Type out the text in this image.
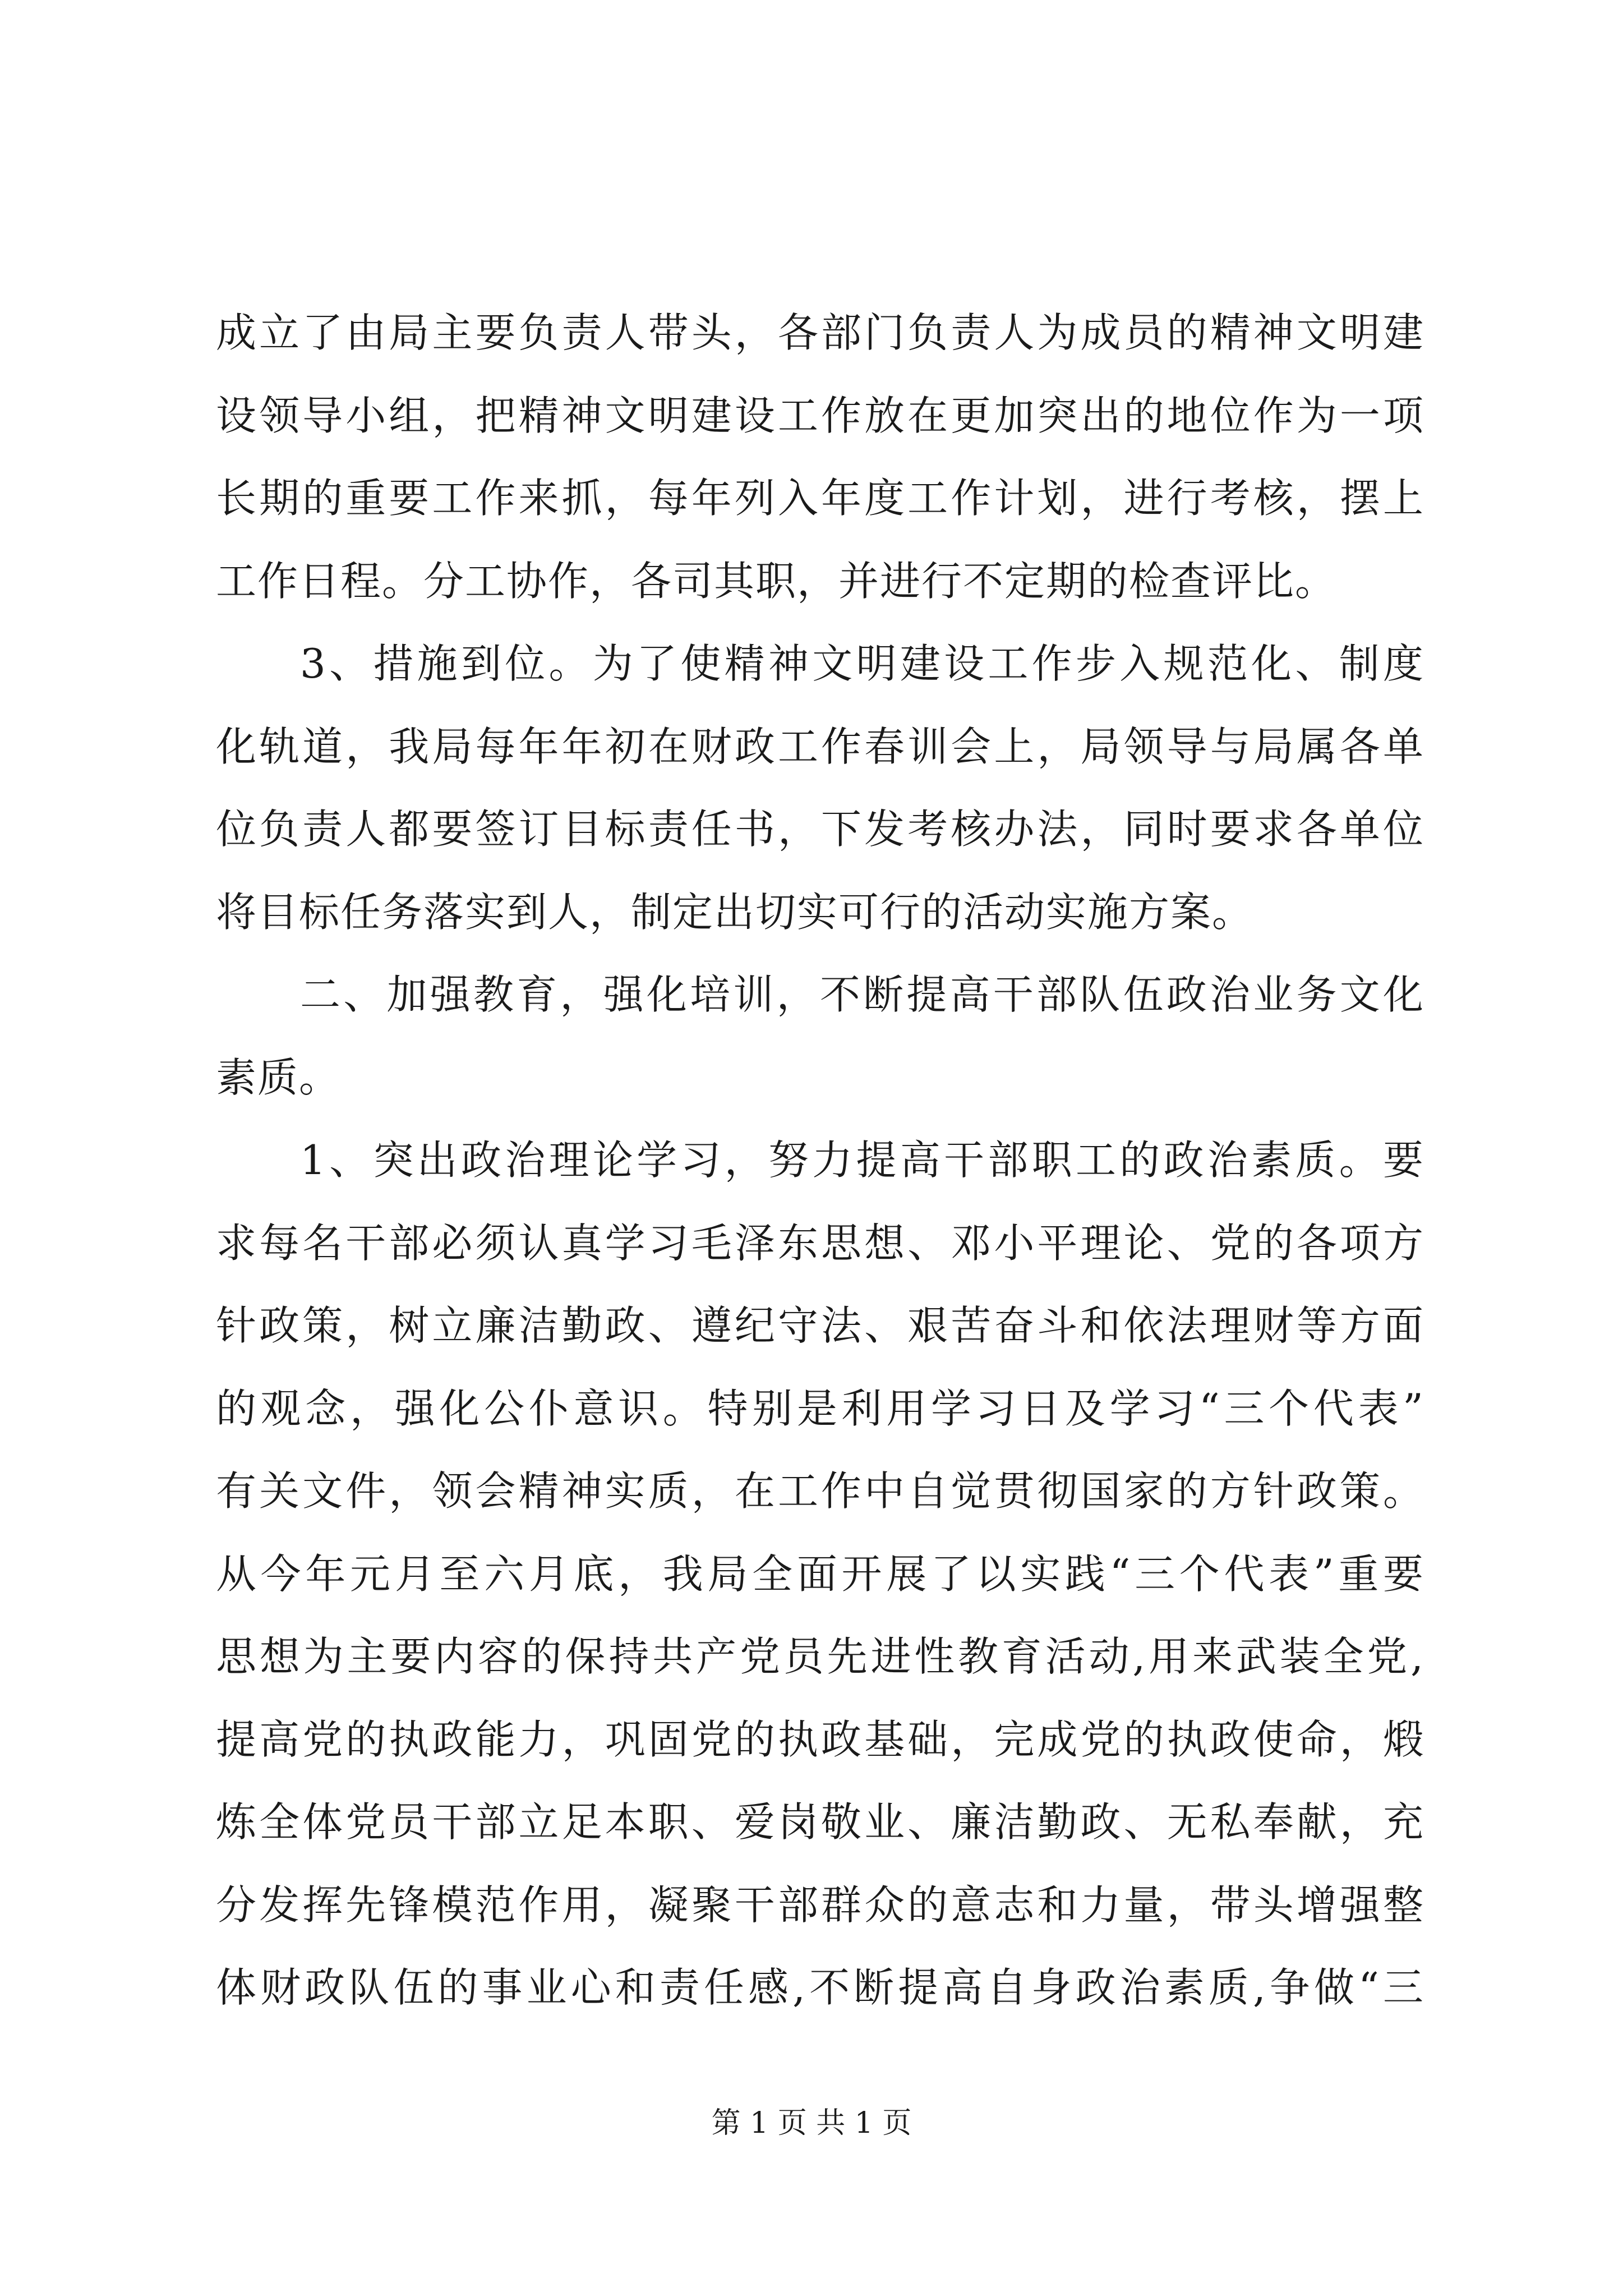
成立了由局主要负责人带头，各部门负责人为成员的精神文明建
设领导小组，把精神文明建设工作放在更加突出的地位作为一项
长期的重要工作来抓，每年列入年度工作计划，进行考核，摆上
工作日程。分工协作，各司其职，并进行不定期的检查评比。
3、措施到位。为了使精神文明建设工作步入规范化、制度
化轨道，我局每年年初在财政工作春训会上，局领导与局属各单
位负责人都要签订目标责任书，下发考核办法，同时要求各单位
将目标任务落实到人，制定出切实可行的活动实施方案。
二、加强教育，强化培训，不断提高干部队伍政治业务文化
素质。
1、突出政治理论学习，努力提高干部职工的政治素质。要
求每名干部必须认真学习毛泽东思想、邓小平理论、党的各项方
针政策，树立廉洁勤政、遵纪守法、艰苦奋斗和依法理财等方面
的观念，强化公仆意识。特别是利用学习日及学习“三个代表”
有关文件，领会精神实质，在工作中自觉贯彻国家的方针政策。
从今年元月至六月底，我局全面开展了以实践“三个代表”重要
思想为主要内容的保持共产党员先进性教育活动,用来武装全党,
提高党的执政能力，巩固党的执政基础，完成党的执政使命，煅
炼全体党员干部立足本职、爱岗敬业、廉洁勤政、无私奉献，充
分发挥先锋模范作用，凝聚干部群众的意志和力量，带头增强整
体财政队伍的事业心和责任感,不断提高自身政治素质,争做“三
第 1 页 共 1 页
